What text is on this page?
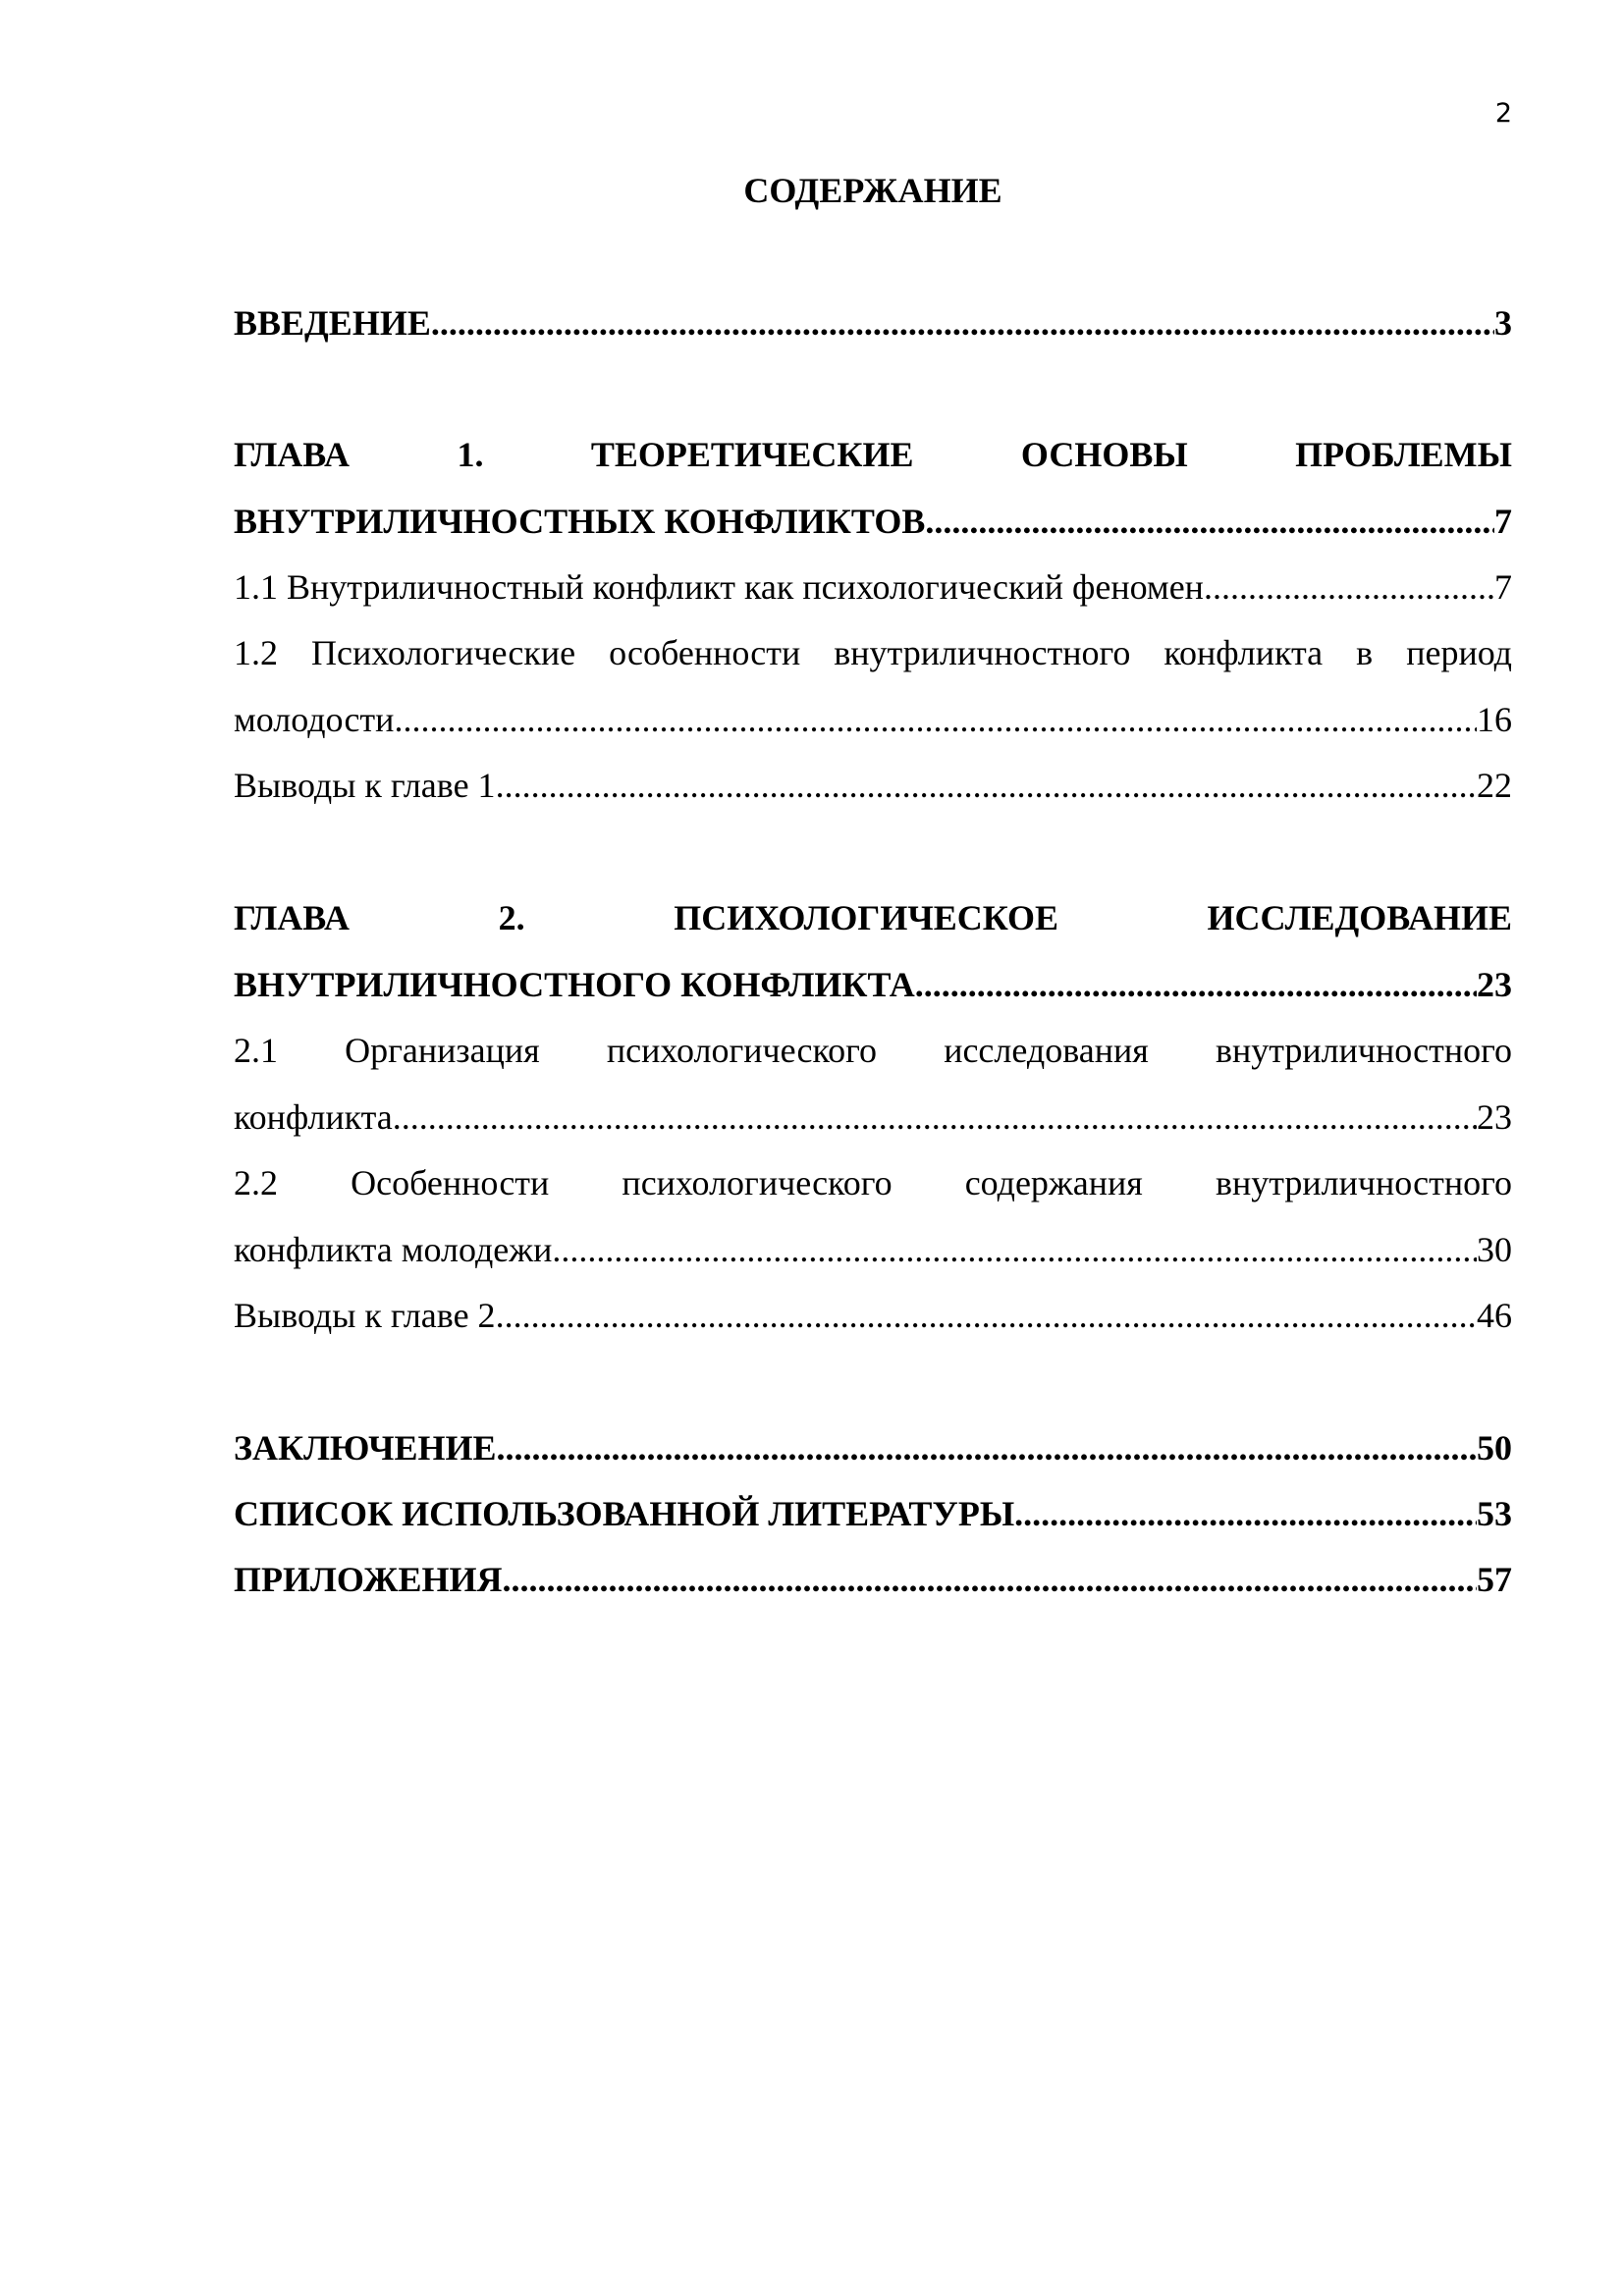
2
СОДЕРЖАНИЕ
ВВЕДЕНИЕ .....	3
ГЛАВА	1.	ТЕОРЕТИЧЕСКИЕ	ОСНОВЫ	ПРОБЛЕМЫ
ВНУТРИЛИЧНОСТНЫХ КОНФЛИКТОВ .....	7
1.1 Внутриличностный конфликт как психологический феномен .....	7
1.2 Психологические особенности внутриличностного конфликта в период
молодости .....	16
Выводы к главе 1 .....	22
ГЛАВА	2.	ПСИХОЛОГИЧЕСКОЕ	ИССЛЕДОВАНИЕ
ВНУТРИЛИЧНОСТНОГО КОНФЛИКТА .....	23
2.1 Организация психологического исследования внутриличностного
конфликта .....	23
2.2 Особенности психологического содержания внутриличностного
конфликта молодежи .....	30
Выводы к главе 2 .....	46
ЗАКЛЮЧЕНИЕ .....	50
СПИСОК ИСПОЛЬЗОВАННОЙ ЛИТЕРАТУРЫ .....	53
ПРИЛОЖЕНИЯ .....	57
